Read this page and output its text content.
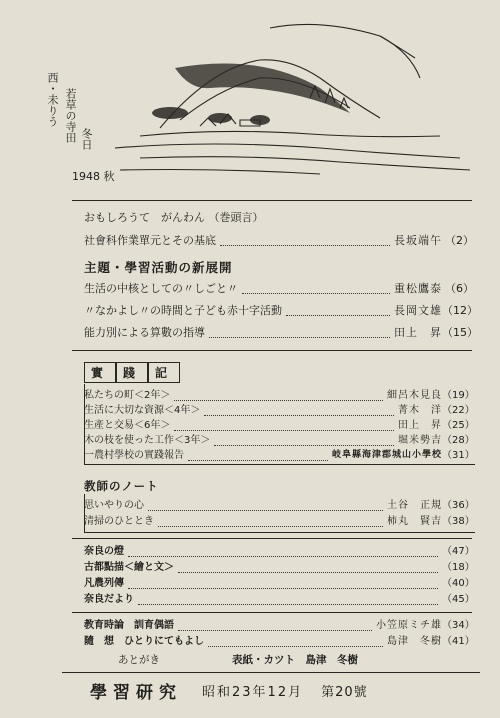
西・未りう 若草の寺田 冬日
1948 秋
おもしろうて　がんわん （巻頭言）
社會科作業單元とその基底	長坂端午 （2）
主題・學習活動の新展開
生活の中核としての〃しごと〃	重松鷹泰 （6）
〃なかよし〃の時間と子ども赤十字活動	長岡文雄 （12）
能力別による算數の指導	田上　昇 （15）
實	踐	記
私たちの町＜2年＞	細呂木見良 （19）
生活に大切な資源＜4年＞	菁木　洋 （22）
生產と交易＜6年＞	田上　昇 （25）
木の枝を使った工作＜3年＞	堀米勢吉 （28）
一農村學校の實踐報告	岐阜縣海津郡城山小學校 （31）
教師のノート
思いやりの心	土谷　正規 （36）
清掃のひととき	柿丸　賢吉 （38）
奈良の燈	（47）
古都點描＜繪と文＞	（18）
凡農列傳	（40）
奈良だより	（45）
教育時論　訓育偶語	小笠原ミチ雄 （34）
隨　想　ひとりにてもよし	島津　冬樹 （41）
あとがき	表紙・カツト　島津　冬樹
學習研究 昭和23年12月 第20號
